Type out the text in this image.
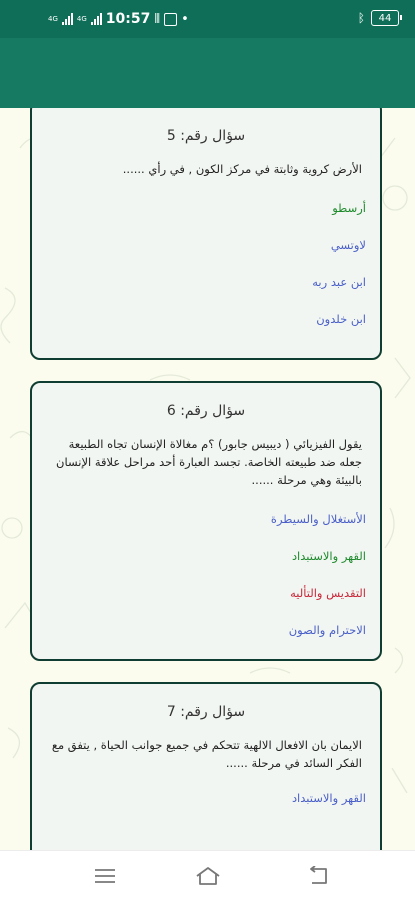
4G	4G 10:57 ⦀ •	ᛒ 44
سؤال رقم: 5
الأرض كروية وثابتة في مركز الكون , في رأي ......
أرسطو
لاوتسي
ابن عبد ربه
ابن خلدون
سؤال رقم: 6
يقول الفيزيائي ( ديبيس جابور) ؟م مغالاة الإنسان تجاه الطبيعة جعله ضد طبيعته الخاصة. تجسد العبارة أحد مراحل علاقة الإنسان بالبيئة وهي مرحلة ......
الأستغلال والسيطرة
القهر والاستبداد
التقديس والتأليه
الاحترام والصون
سؤال رقم: 7
الايمان بان الافعال الالهية تتحكم في جميع جوانب الحياة , يتفق مع الفكر السائد في مرحلة ......
القهر والاستبداد
